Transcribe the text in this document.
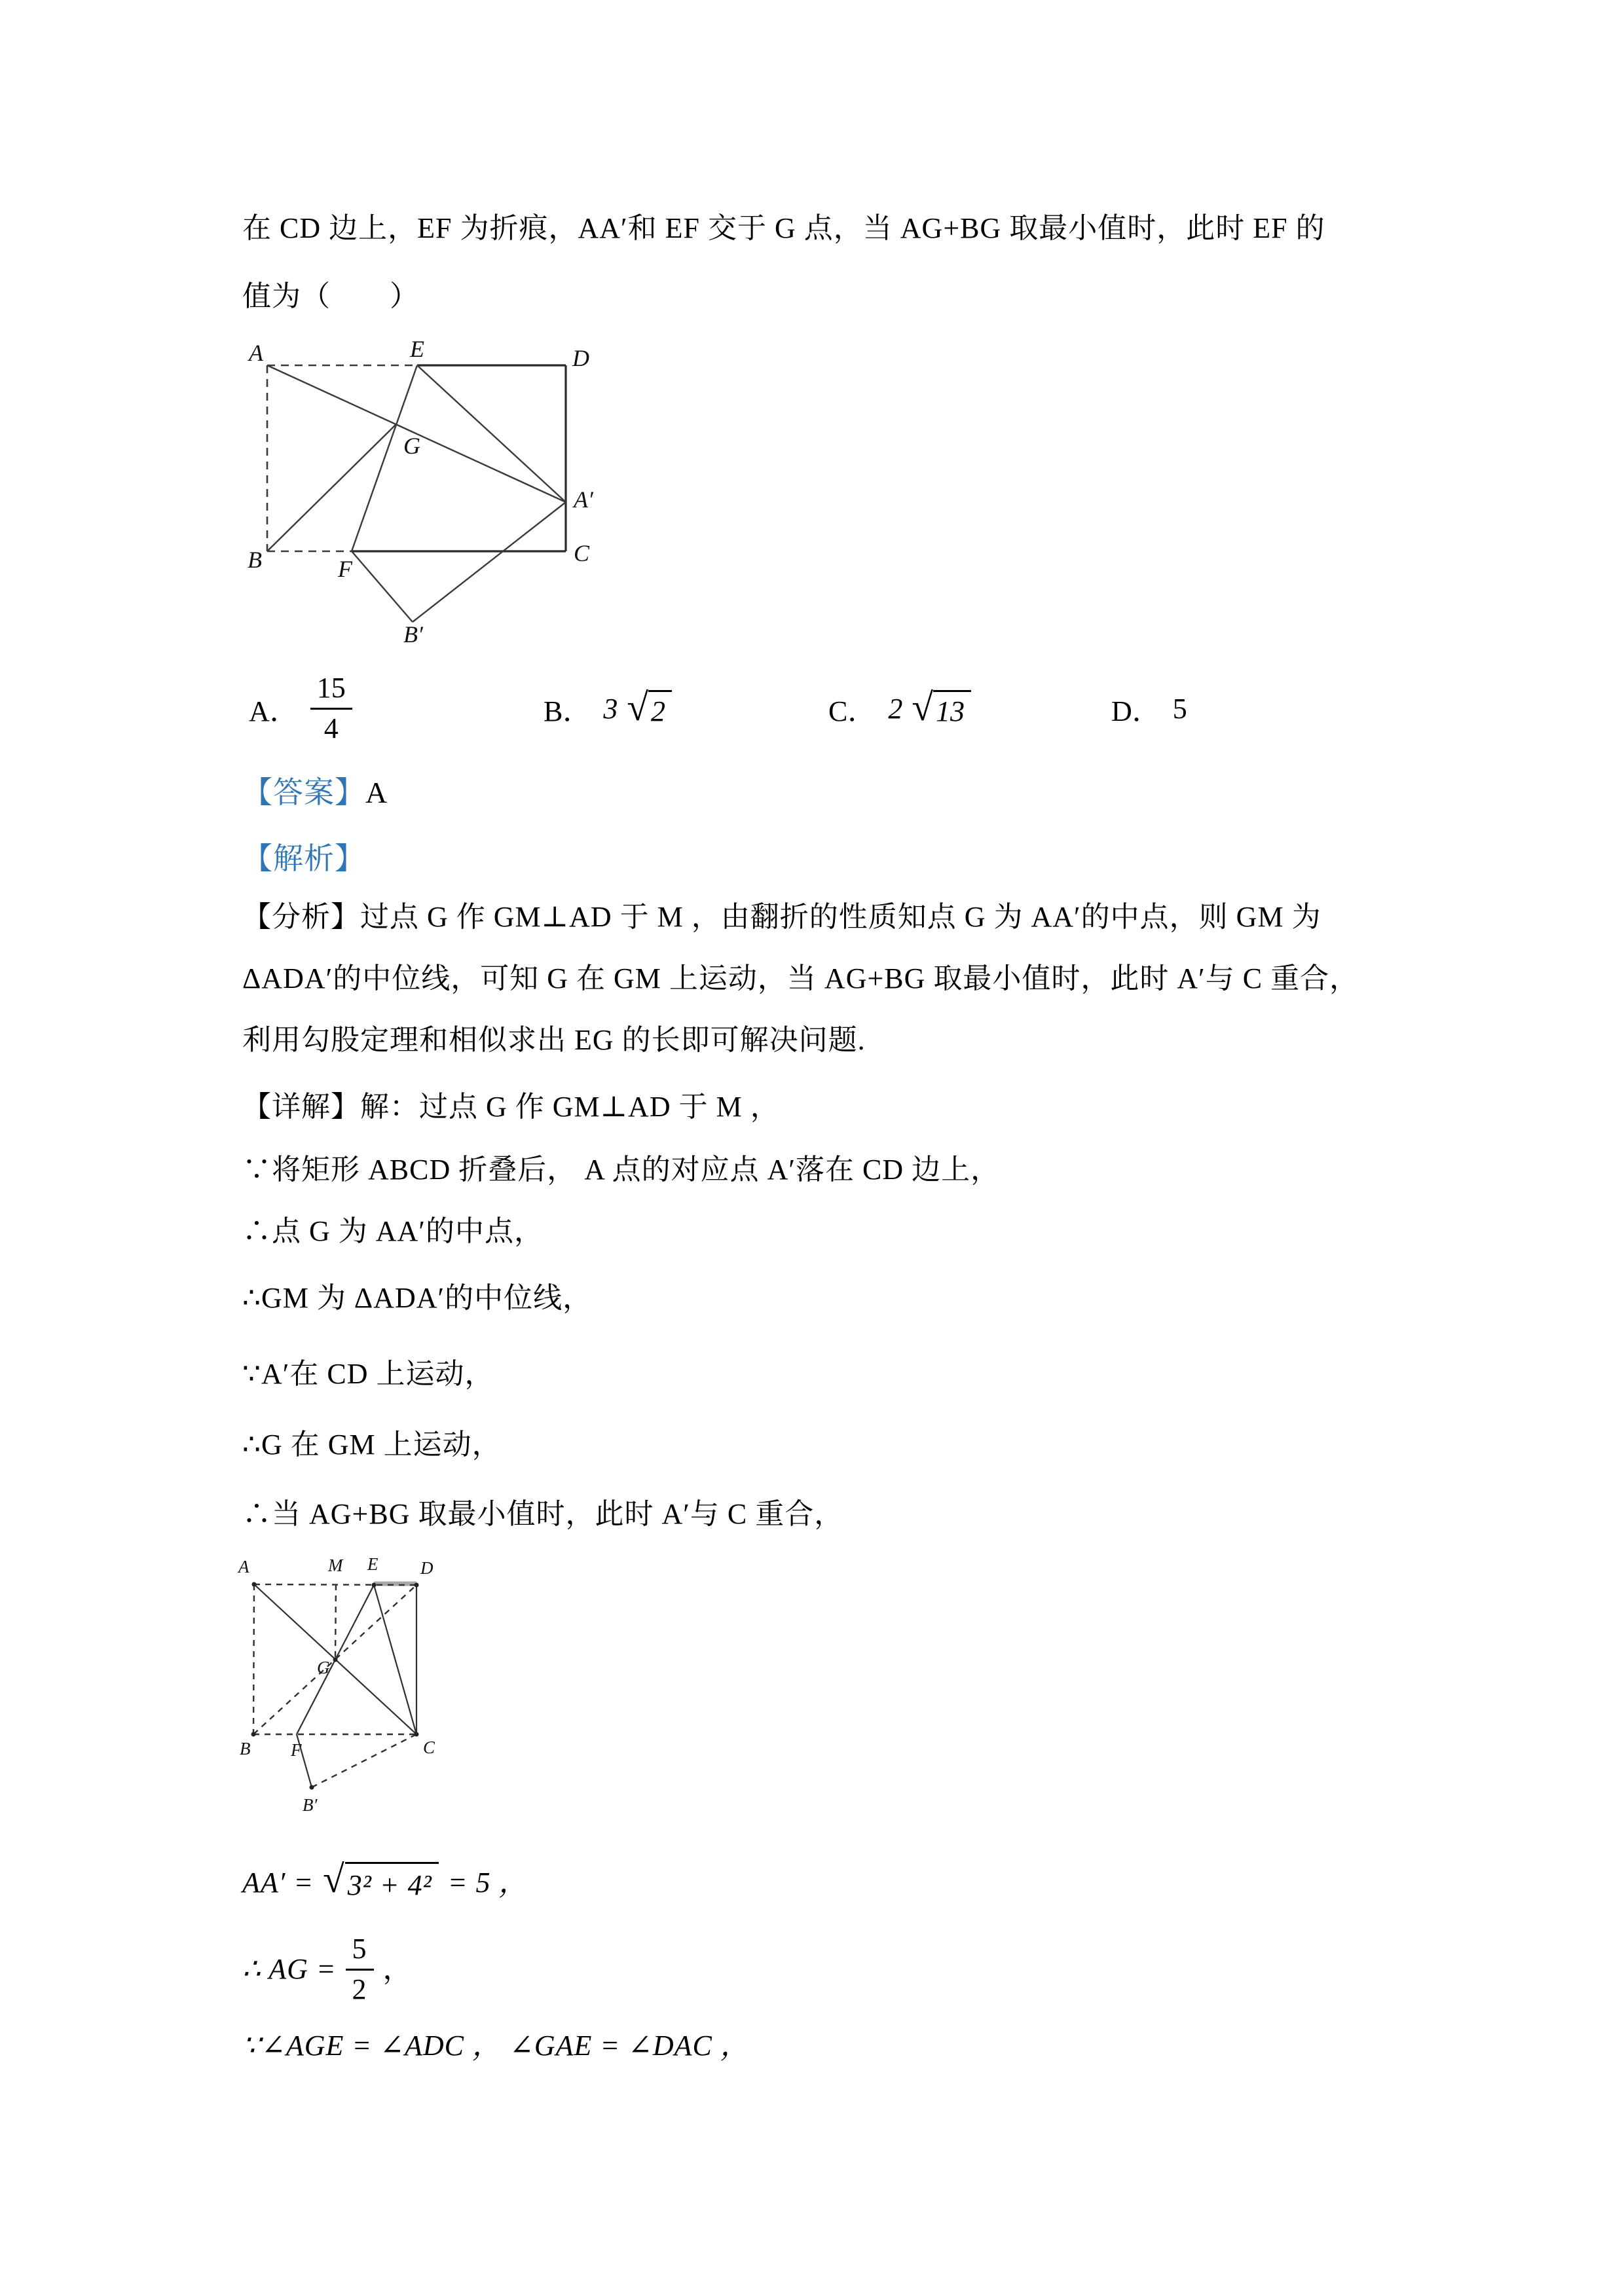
在 CD 边上，EF 为折痕，AA′和 EF 交于 G 点，当 AG+BG 取最小值时，此时 EF 的
值为（　　）
A	E	D
B	F
C
A′
G
B′
A． $\frac{15}{4}$	B． 3 √ 2	C． 2 √ 13	D． 5
【答案】A
【解析】
【分析】过点 G 作 GM⊥AD 于 M ，由翻折的性质知点 G 为 AA′的中点，则 GM 为
ΔADA′的中位线，可知 G 在 GM 上运动，当 AG+BG 取最小值时，此时 A′与 C 重合，
利用勾股定理和相似求出 EG 的长即可解决问题.
【详解】解：过点 G 作 GM⊥AD 于 M ，
∵将矩形 ABCD 折叠后， A 点的对应点 A′落在 CD 边上，
∴点 G 为 AA′的中点，
∴GM 为 ΔADA′的中位线，
∵A′在 CD 上运动，
∴G 在 GM 上运动，
∴当 AG+BG 取最小值时，此时 A′与 C 重合，
A	M E D
B F	C
G
B′
AA′ = √ 3² + 4² = 5 ，
∴ AG = $\frac{5}{2}$ ，
∵∠AGE = ∠ADC ， ∠GAE = ∠DAC ，
